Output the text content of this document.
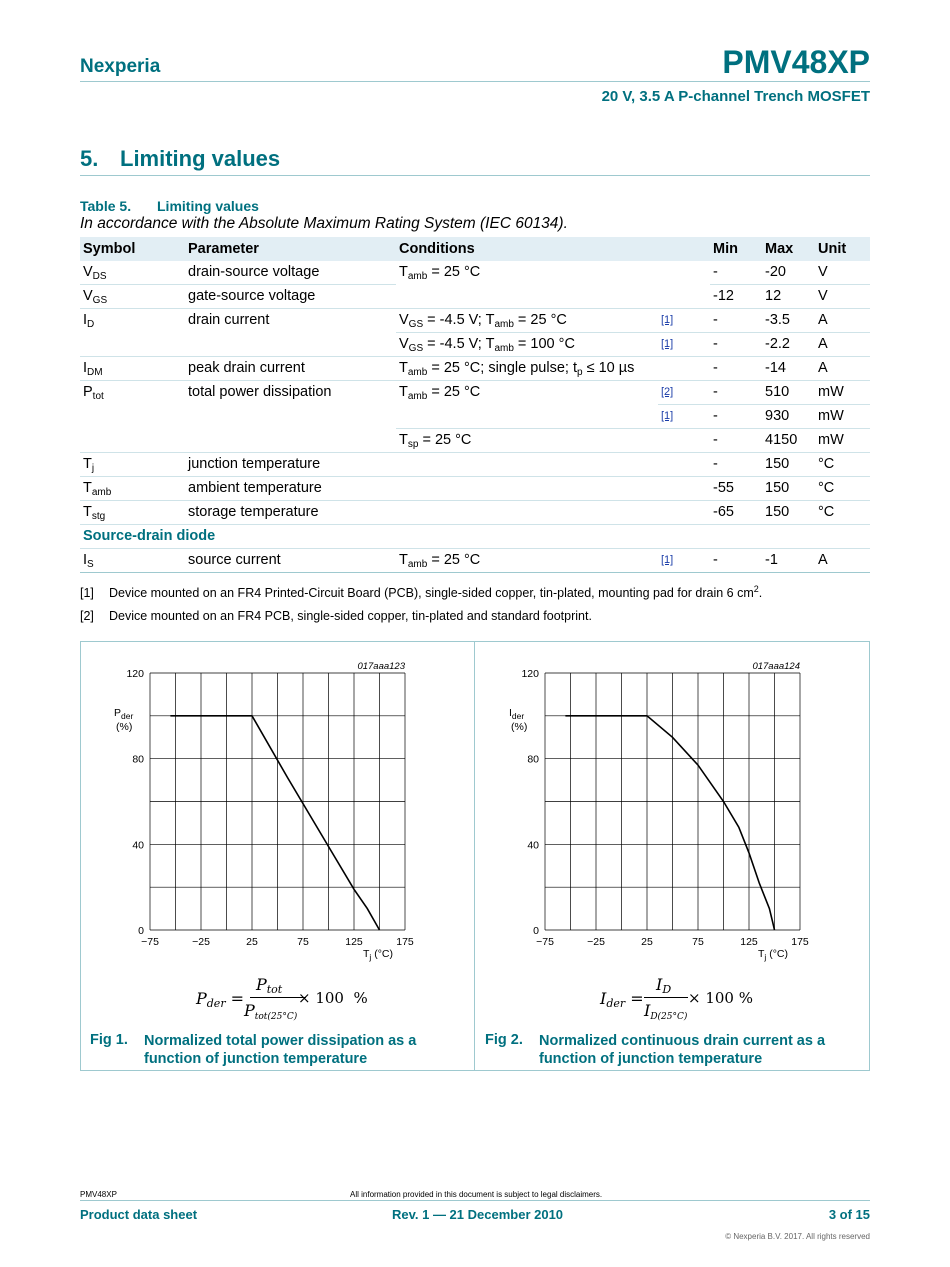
Nexperia	PMV48XP
20 V, 3.5 A P-channel Trench MOSFET
5. Limiting values
Table 5. Limiting values
In accordance with the Absolute Maximum Rating System (IEC 60134).
Symbol	Parameter	Conditions		Min	Max	Unit
$V_{DS}$	drain-source voltage	$T_{amb} = 25$ °C		-	-20	V
$V_{GS}$	gate-source voltage			-12	12	V
$I_D$	drain current	$V_{GS} = -4.5$ V; $T_{amb} = 25$ °C	[1]	-	-3.5	A
		$V_{GS} = -4.5$ V; $T_{amb} = 100$ °C	[1]	-	-2.2	A
$I_{DM}$	peak drain current	$T_{amb} = 25$ °C; single pulse; $t_p \le 10$ µs		-	-14	A
$P_{tot}$	total power dissipation	$T_{amb} = 25$ °C	[2]	-	510	mW
			[1]	-	930	mW
		$T_{sp} = 25$ °C		-	4150	mW
$T_j$	junction temperature			-	150	°C
$T_{amb}$	ambient temperature			-55	150	°C
$T_{stg}$	storage temperature			-65	150	°C
Source-drain diode						
$I_S$	source current	$T_{amb} = 25$ °C	[1]	-	-1	A
[1] Device mounted on an FR4 Printed-Circuit Board (PCB), single-sided copper, tin-plated, mounting pad for drain 6 $cm^2$.
[2] Device mounted on an FR4 PCB, single-sided copper, tin-plated and standard footprint.
−75	−25	25	75	125	175
0
40
80
120
017aaa123
$P_{der}$
(%)
$T_j$ (°C)
−75	−25	25	75	125	175
0
40
80
120
017aaa124
$I_{der}$
(%)
$T_j$ (°C)
$P_{der}$ =
$P_{tot}$
$P_{tot(25^\circ C)}$
× 100  %	$I_{der}$ =
$I_D$
$I_{D(25^\circ C)}$
× 100 %
Fig 1. Normalized total power dissipation as a function of junction temperature
Fig 2. Normalized continuous drain current as a function of junction temperature
PMV48XP	All information provided in this document is subject to legal disclaimers.
Product data sheet	Rev. 1 — 21 December 2010	3 of 15
© Nexperia B.V. 2017. All rights reserved
